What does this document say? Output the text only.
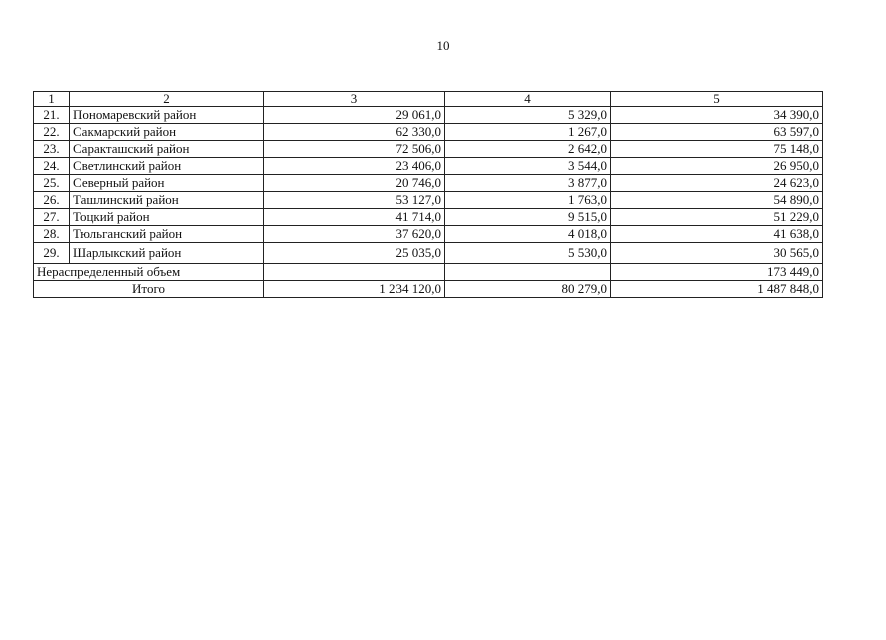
10
1	2	3	4	5
21.	Пономаревский район	29 061,0	5 329,0	34 390,0
22.	Сакмарский район	62 330,0	1 267,0	63 597,0
23.	Саракташский район	72 506,0	2 642,0	75 148,0
24.	Светлинский район	23 406,0	3 544,0	26 950,0
25.	Северный район	20 746,0	3 877,0	24 623,0
26.	Ташлинский район	53 127,0	1 763,0	54 890,0
27.	Тоцкий район	41 714,0	9 515,0	51 229,0
28.	Тюльганский район	37 620,0	4 018,0	41 638,0
29.	Шарлыкский район	25 035,0	5 530,0	30 565,0
Нераспределенный объем				173 449,0
Итого		1 234 120,0	80 279,0	1 487 848,0
